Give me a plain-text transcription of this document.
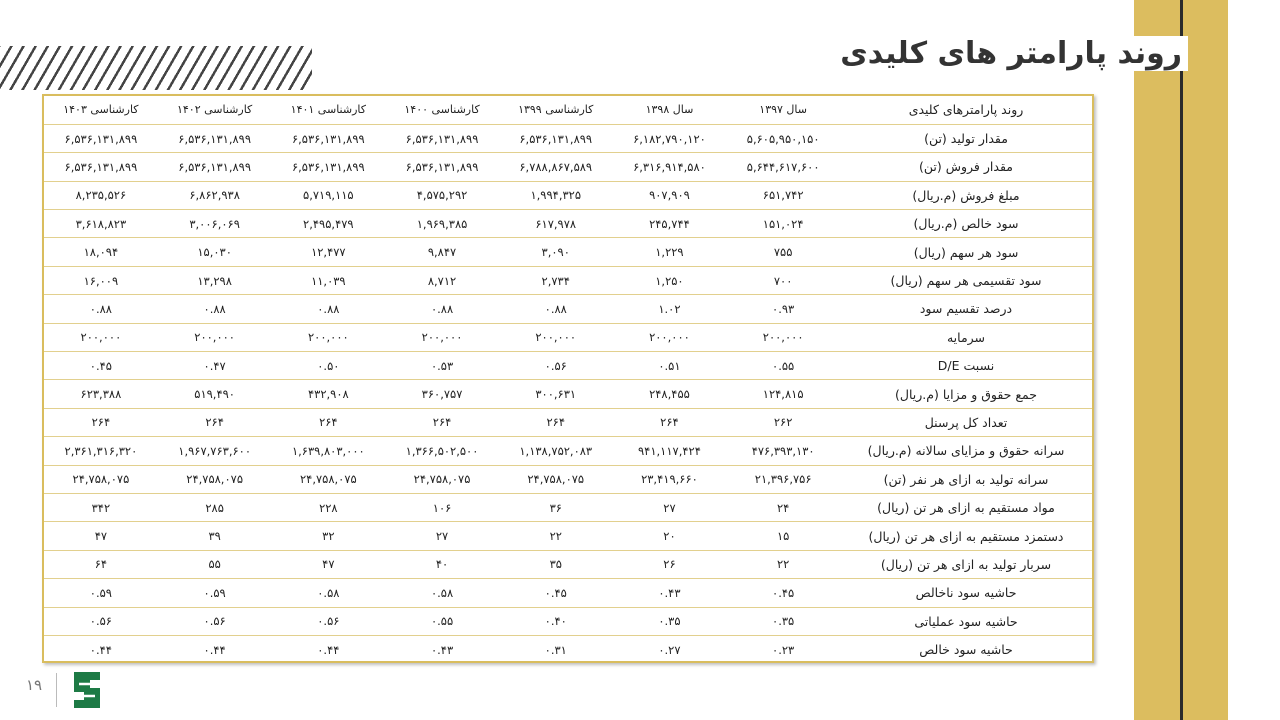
روند پارامتر های کلیدی
روند پارامترهای کلیدی	سال ۱۳۹۷	سال ۱۳۹۸	کارشناسی ۱۳۹۹	کارشناسی ۱۴۰۰	کارشناسی ۱۴۰۱	کارشناسی ۱۴۰۲	کارشناسی ۱۴۰۳
مقدار تولید (تن)	۵,۶۰۵,۹۵۰,۱۵۰	۶,۱۸۲,۷۹۰,۱۲۰	۶,۵۳۶,۱۳۱,۸۹۹	۶,۵۳۶,۱۳۱,۸۹۹	۶,۵۳۶,۱۳۱,۸۹۹	۶,۵۳۶,۱۳۱,۸۹۹	۶,۵۳۶,۱۳۱,۸۹۹
مقدار فروش (تن)	۵,۶۴۴,۶۱۷,۶۰۰	۶,۳۱۶,۹۱۴,۵۸۰	۶,۷۸۸,۸۶۷,۵۸۹	۶,۵۳۶,۱۳۱,۸۹۹	۶,۵۳۶,۱۳۱,۸۹۹	۶,۵۳۶,۱۳۱,۸۹۹	۶,۵۳۶,۱۳۱,۸۹۹
مبلغ فروش (م.ریال)	۶۵۱,۷۴۲	۹۰۷,۹۰۹	۱,۹۹۴,۳۲۵	۴,۵۷۵,۲۹۲	۵,۷۱۹,۱۱۵	۶,۸۶۲,۹۳۸	۸,۲۳۵,۵۲۶
سود خالص (م.ریال)	۱۵۱,۰۲۴	۲۴۵,۷۴۴	۶۱۷,۹۷۸	۱,۹۶۹,۳۸۵	۲,۴۹۵,۴۷۹	۳,۰۰۶,۰۶۹	۳,۶۱۸,۸۲۳
سود هر سهم (ریال)	۷۵۵	۱,۲۲۹	۳,۰۹۰	۹,۸۴۷	۱۲,۴۷۷	۱۵,۰۳۰	۱۸,۰۹۴
سود تقسیمی هر سهم (ریال)	۷۰۰	۱,۲۵۰	۲,۷۳۴	۸,۷۱۲	۱۱,۰۳۹	۱۳,۲۹۸	۱۶,۰۰۹
درصد تقسیم سود	۰.۹۳	۱.۰۲	۰.۸۸	۰.۸۸	۰.۸۸	۰.۸۸	۰.۸۸
سرمایه	۲۰۰,۰۰۰	۲۰۰,۰۰۰	۲۰۰,۰۰۰	۲۰۰,۰۰۰	۲۰۰,۰۰۰	۲۰۰,۰۰۰	۲۰۰,۰۰۰
نسبت D/E	۰.۵۵	۰.۵۱	۰.۵۶	۰.۵۳	۰.۵۰	۰.۴۷	۰.۴۵
جمع حقوق و مزایا (م.ریال)	۱۲۴,۸۱۵	۲۴۸,۴۵۵	۳۰۰,۶۳۱	۳۶۰,۷۵۷	۴۳۲,۹۰۸	۵۱۹,۴۹۰	۶۲۳,۳۸۸
تعداد کل پرسنل	۲۶۲	۲۶۴	۲۶۴	۲۶۴	۲۶۴	۲۶۴	۲۶۴
سرانه حقوق و مزایای سالانه (م.ریال)	۴۷۶,۳۹۳,۱۳۰	۹۴۱,۱۱۷,۴۲۴	۱,۱۳۸,۷۵۲,۰۸۳	۱,۳۶۶,۵۰۲,۵۰۰	۱,۶۳۹,۸۰۳,۰۰۰	۱,۹۶۷,۷۶۳,۶۰۰	۲,۳۶۱,۳۱۶,۳۲۰
سرانه تولید به ازای هر نفر (تن)	۲۱,۳۹۶,۷۵۶	۲۳,۴۱۹,۶۶۰	۲۴,۷۵۸,۰۷۵	۲۴,۷۵۸,۰۷۵	۲۴,۷۵۸,۰۷۵	۲۴,۷۵۸,۰۷۵	۲۴,۷۵۸,۰۷۵
مواد مستقیم به ازای هر تن (ریال)	۲۴	۲۷	۳۶	۱۰۶	۲۲۸	۲۸۵	۳۴۲
دستمزد مستقیم به ازای هر تن (ریال)	۱۵	۲۰	۲۲	۲۷	۳۲	۳۹	۴۷
سربار تولید به ازای هر تن (ریال)	۲۲	۲۶	۳۵	۴۰	۴۷	۵۵	۶۴
حاشیه سود ناخالص	۰.۴۵	۰.۴۳	۰.۴۵	۰.۵۸	۰.۵۸	۰.۵۹	۰.۵۹
حاشیه سود عملیاتی	۰.۳۵	۰.۳۵	۰.۴۰	۰.۵۵	۰.۵۶	۰.۵۶	۰.۵۶
حاشیه سود خالص	۰.۲۳	۰.۲۷	۰.۳۱	۰.۴۳	۰.۴۴	۰.۴۴	۰.۴۴
۱۹
